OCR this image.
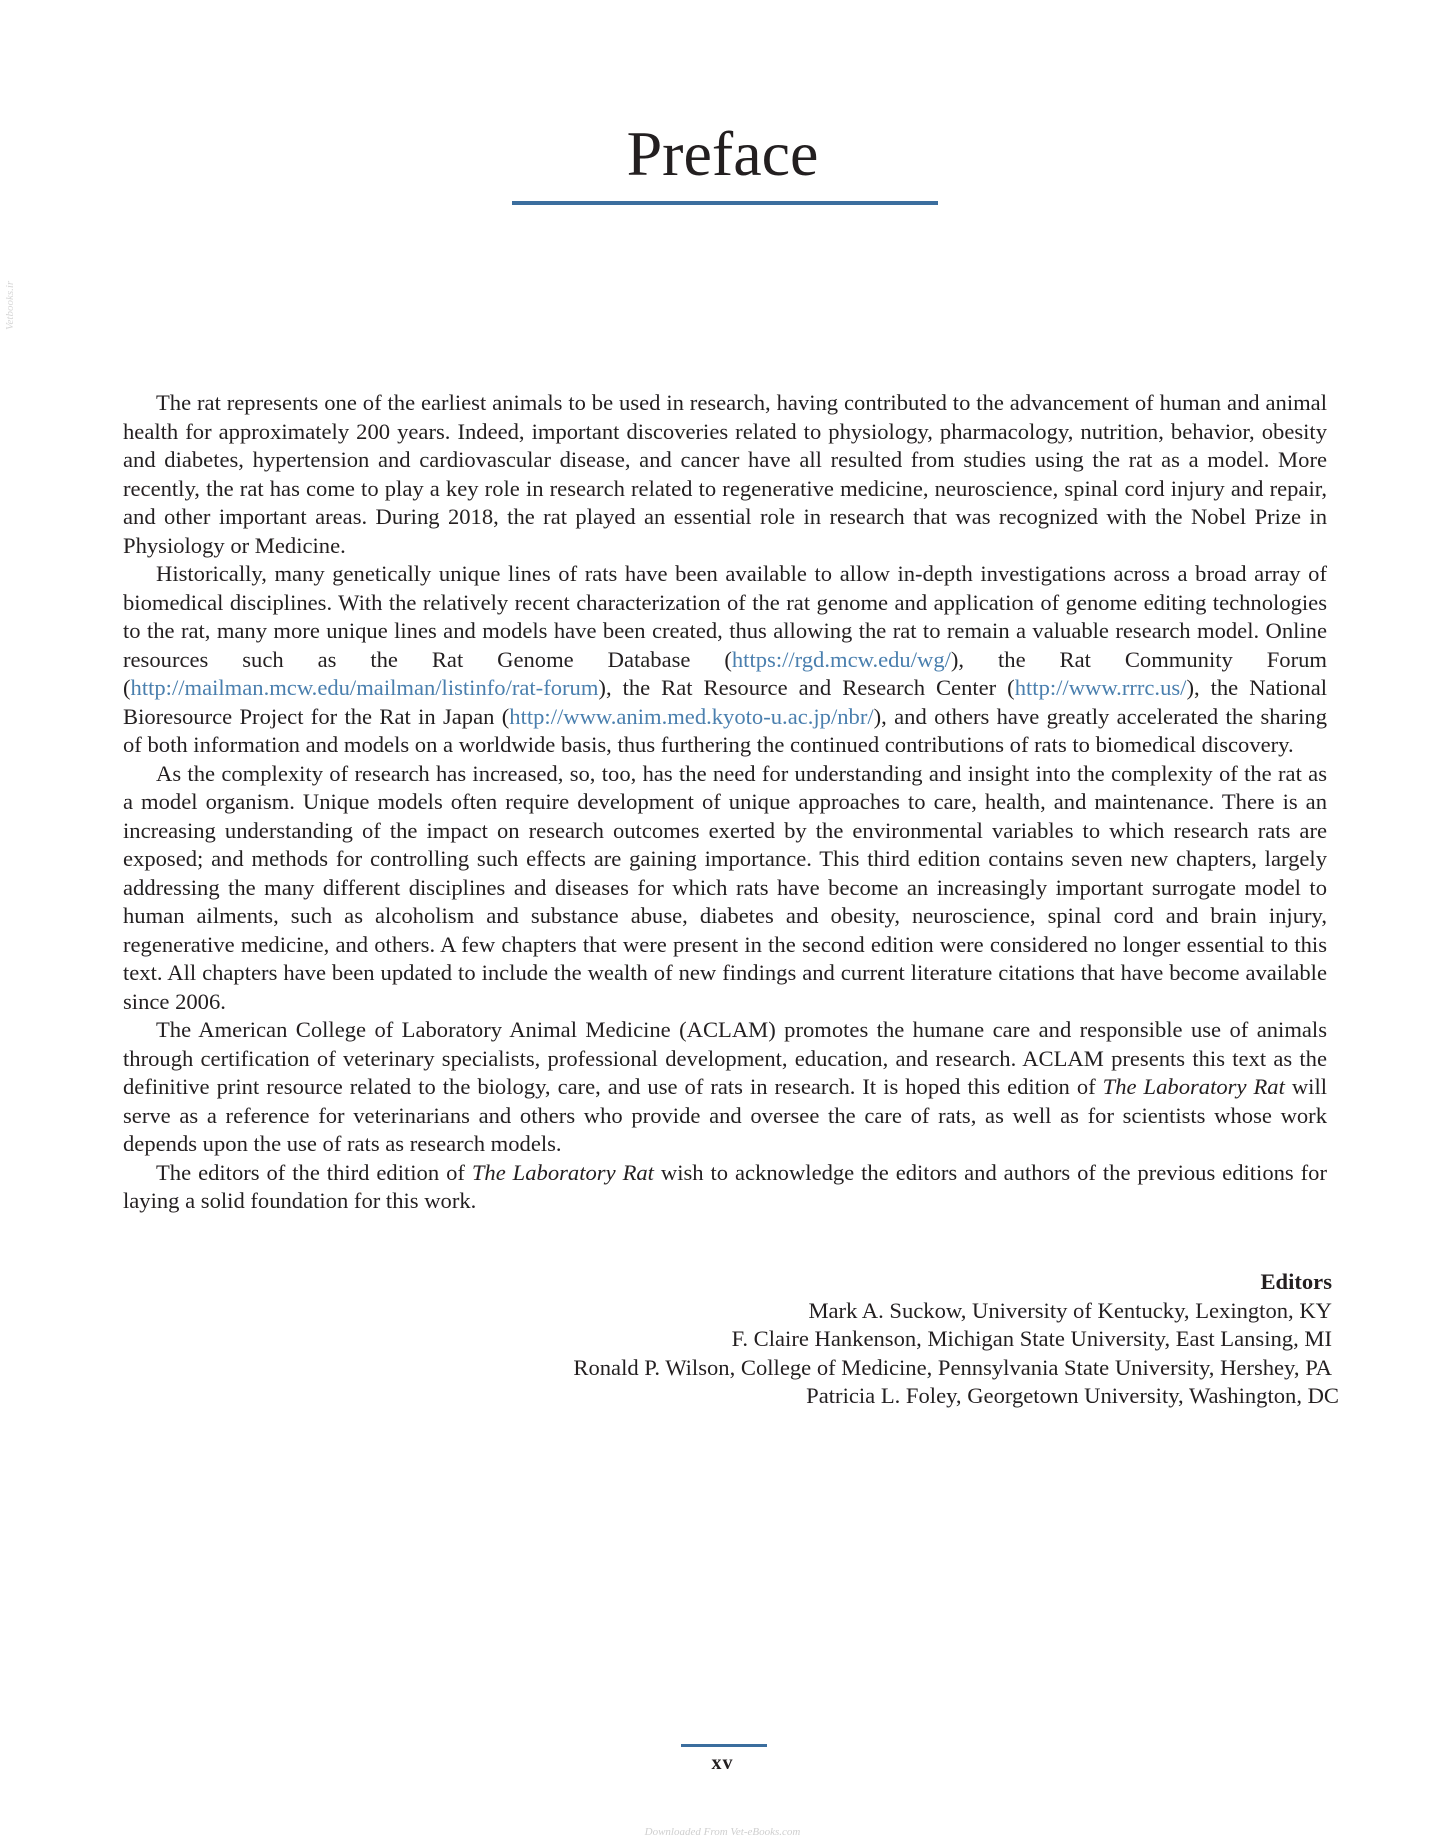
Preface
Vetbooks.ir

The rat represents one of the earliest animals to be used in research, having contributed to the advancement of human and animal health for approximately 200 years. Indeed, important discoveries related to physiology, pharmacology, nutrition, behavior, obesity and diabetes, hypertension and cardiovascular disease, and cancer have all resulted from studies using the rat as a model. More recently, the rat has come to play a key role in research related to regenerative medicine, neuroscience, spinal cord injury and repair, and other important areas. During 2018, the rat played an essential role in research that was recognized with the Nobel Prize in Physiology or Medicine.

Historically, many genetically unique lines of rats have been available to allow in-depth investigations across a broad array of biomedical disciplines. With the relatively recent characterization of the rat genome and application of genome editing technologies to the rat, many more unique lines and models have been created, thus allowing the rat to remain a valuable research model. Online resources such as the Rat Genome Database (https://rgd.mcw.edu/wg/), the Rat Community Forum (http://mailman.mcw.edu/mailman/listinfo/rat-forum), the Rat Resource and Research Center (http://www.rrrc.us/), the National Bioresource Project for the Rat in Japan (http://www.anim.med.kyoto-u.ac.jp/nbr/), and others have greatly accelerated the sharing of both information and models on a worldwide basis, thus furthering the continued contributions of rats to biomedical discovery.

As the complexity of research has increased, so, too, has the need for understanding and insight into the complexity of the rat as a model organism. Unique models often require development of unique approaches to care, health, and maintenance. There is an increasing understanding of the impact on research outcomes exerted by the environmental variables to which research rats are exposed; and methods for controlling such effects are gaining importance. This third edition contains seven new chapters, largely addressing the many different disciplines and diseases for which rats have become an increasingly important surrogate model to human ailments, such as alcoholism and substance abuse, diabetes and obesity, neuroscience, spinal cord and brain injury, regenerative medicine, and others. A few chapters that were present in the second edition were considered no longer essential to this text. All chapters have been updated to include the wealth of new findings and current literature citations that have become available since 2006.

The American College of Laboratory Animal Medicine (ACLAM) promotes the humane care and responsible use of animals through certification of veterinary specialists, professional development, education, and research. ACLAM presents this text as the definitive print resource related to the biology, care, and use of rats in research. It is hoped this edition of The Laboratory Rat will serve as a reference for veterinarians and others who provide and oversee the care of rats, as well as for scientists whose work depends upon the use of rats as research models.

The editors of the third edition of The Laboratory Rat wish to acknowledge the editors and authors of the previous editions for laying a solid foundation for this work.

Editors
Mark A. Suckow, University of Kentucky, Lexington, KY
F. Claire Hankenson, Michigan State University, East Lansing, MI
Ronald P. Wilson, College of Medicine, Pennsylvania State University, Hershey, PA
Patricia L. Foley, Georgetown University, Washington, DC
xv
Downloaded From Vet-eBooks.com
